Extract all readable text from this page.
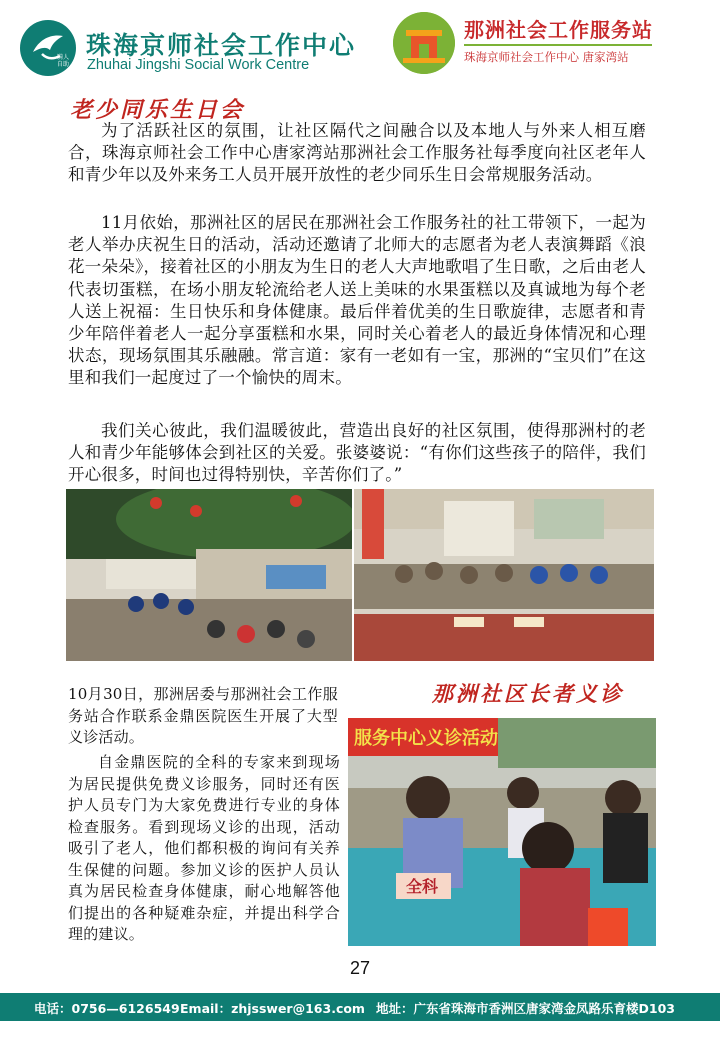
騎人 自助
珠海京师社会工作中心
Zhuhai Jingshi Social Work Centre
那洲社会工作服务站
珠海京师社会工作中心 唐家湾站
老少同乐生日会

为了活跃社区的氛围，让社区隔代之间融合以及本地人与外来人相互磨合，珠海京师社会工作中心唐家湾站那洲社会工作服务社每季度向社区老年人和青少年以及外来务工人员开展开放性的老少同乐生日会常规服务活动。

11月依始，那洲社区的居民在那洲社会工作服务社的社工带领下，一起为老人举办庆祝生日的活动，活动还邀请了北师大的志愿者为老人表演舞蹈《浪花一朵朵》，接着社区的小朋友为生日的老人大声地歌唱了生日歌，之后由老人代表切蛋糕，在场小朋友轮流给老人送上美味的水果蛋糕以及真诚地为每个老人送上祝福：生日快乐和身体健康。最后伴着优美的生日歌旋律，志愿者和青少年陪伴着老人一起分享蛋糕和水果，同时关心着老人的最近身体情况和心理状态，现场氛围其乐融融。常言道：家有一老如有一宝，那洲的“宝贝们”在这里和我们一起度过了一个愉快的周末。

我们关心彼此，我们温暖彼此，营造出良好的社区氛围，使得那洲村的老人和青少年能够体会到社区的关爱。张婆婆说：“有你们这些孩子的陪伴，我们开心很多，时间也过得特别快，辛苦你们了。”

10月30日，那洲居委与那洲社会工作服务站合作联系金鼎医院医生开展了大型义诊活动。

那洲社区长者义诊

自金鼎医院的全科的专家来到现场为居民提供免费义诊服务，同时还有医护人员专门为大家免费进行专业的身体检查服务。看到现场义诊的出现，活动吸引了老人，他们都积极的询问有关养生保健的问题。参加义诊的医护人员认真为居民检查身体健康，耐心地解答他们提出的各种疑难杂症，并提出科学合理的建议。

服务中心义诊活动
全科
27
电话：0756—6126549 Email：zhjsswer@163.com 地址：广东省珠海市香洲区唐家湾金凤路乐育楼D103
